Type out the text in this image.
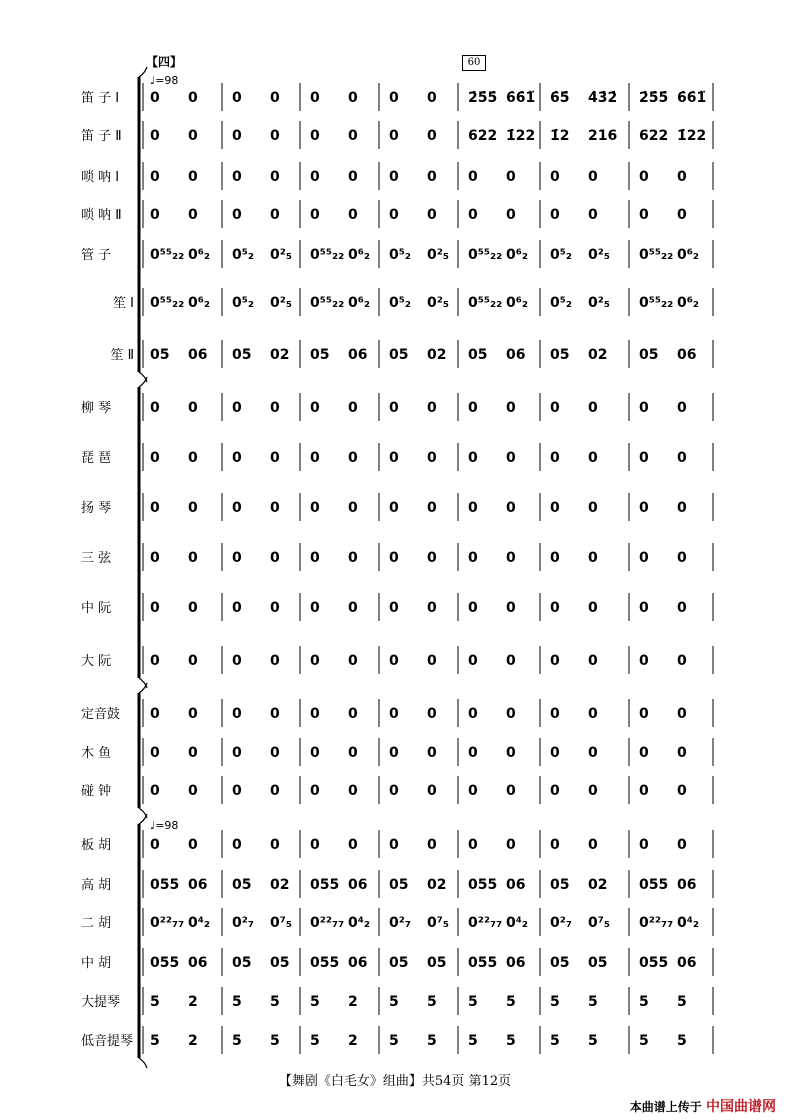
【四】	60
笛 子 Ⅰ
笛 子 Ⅱ
唢 呐 Ⅰ
唢 呐 Ⅱ
管 子
笙 Ⅰ
笙 Ⅱ
柳 琴
琵 琶
扬 琴
三 弦
中 阮
大 阮
定音鼓
木 鱼
碰 钟
板 胡
高 胡
二 胡
中 胡
大提琴
低音提琴
♩=98
♩=98
0 0 0 0 0 0 0 0 2̇5̇5̇ 6̇6̇1̈ 6̇5̇ 4̇3̇2̇ 2̇5̇5̇ 6̇6̇1̈
0 0 0 0 0 0 0 0 622 1̇22 1̇2 216 622 1̇22
0 0 0 0 0 0 0 0 0 0 0 0	0 0
0 0 0 0 0 0 0 0 0 0 0 0	0 0
0⁵⁵₂₂ 0⁶₂ 0⁵₂ 0²₅ 0⁵⁵₂₂ 0⁶₂ 0⁵₂ 0²₅ 0⁵⁵₂₂ 0⁶₂ 0⁵₂ 0²₅ 0⁵⁵₂₂ 0⁶₂
0⁵⁵₂₂ 0⁶₂ 0⁵₂ 0²₅ 0⁵⁵₂₂ 0⁶₂ 0⁵₂ 0²₅ 0⁵⁵₂₂ 0⁶₂ 0⁵₂ 0²₅ 0⁵⁵₂₂ 0⁶₂
05 06 05 02 05 06 05 02 05 06 05 02 05 06
0 0 0 0 0 0 0 0 0 0 0 0	0 0
0 0 0 0 0 0 0 0 0 0 0 0	0 0
0 0 0 0 0 0 0 0 0 0 0 0	0 0
0 0 0 0 0 0 0 0 0 0 0 0	0 0
0 0 0 0 0 0 0 0 0 0 0 0	0 0
0 0 0 0 0 0 0 0 0 0 0 0	0 0
0 0 0 0 0 0 0 0 0 0 0 0	0 0
0 0 0 0 0 0 0 0 0 0 0 0	0 0
0 0 0 0 0 0 0 0 0 0 0 0	0 0
0 0 0 0 0 0 0 0 0 0 0 0	0 0
055 06 05 02 055 06 05 02 055 06 05 02 055 06
0²²₇₇ 0⁴₂ 0²₇ 0⁷₅ 0²²₇₇ 0⁴₂ 0²₇ 0⁷₅ 0²²₇₇ 0⁴₂ 0²₇ 0⁷₅ 0²²₇₇ 0⁴₂
055 06 05 05 055 06 05 05 055 06 05 05 055 06
5 2 5 5 5 2 5 5 5 5 5 5	5 5
5 2 5 5 5 2 5 5 5 5 5 5	5 5
【舞剧《白毛女》组曲】共54页 第12页
本曲谱上传于 中国曲谱网
